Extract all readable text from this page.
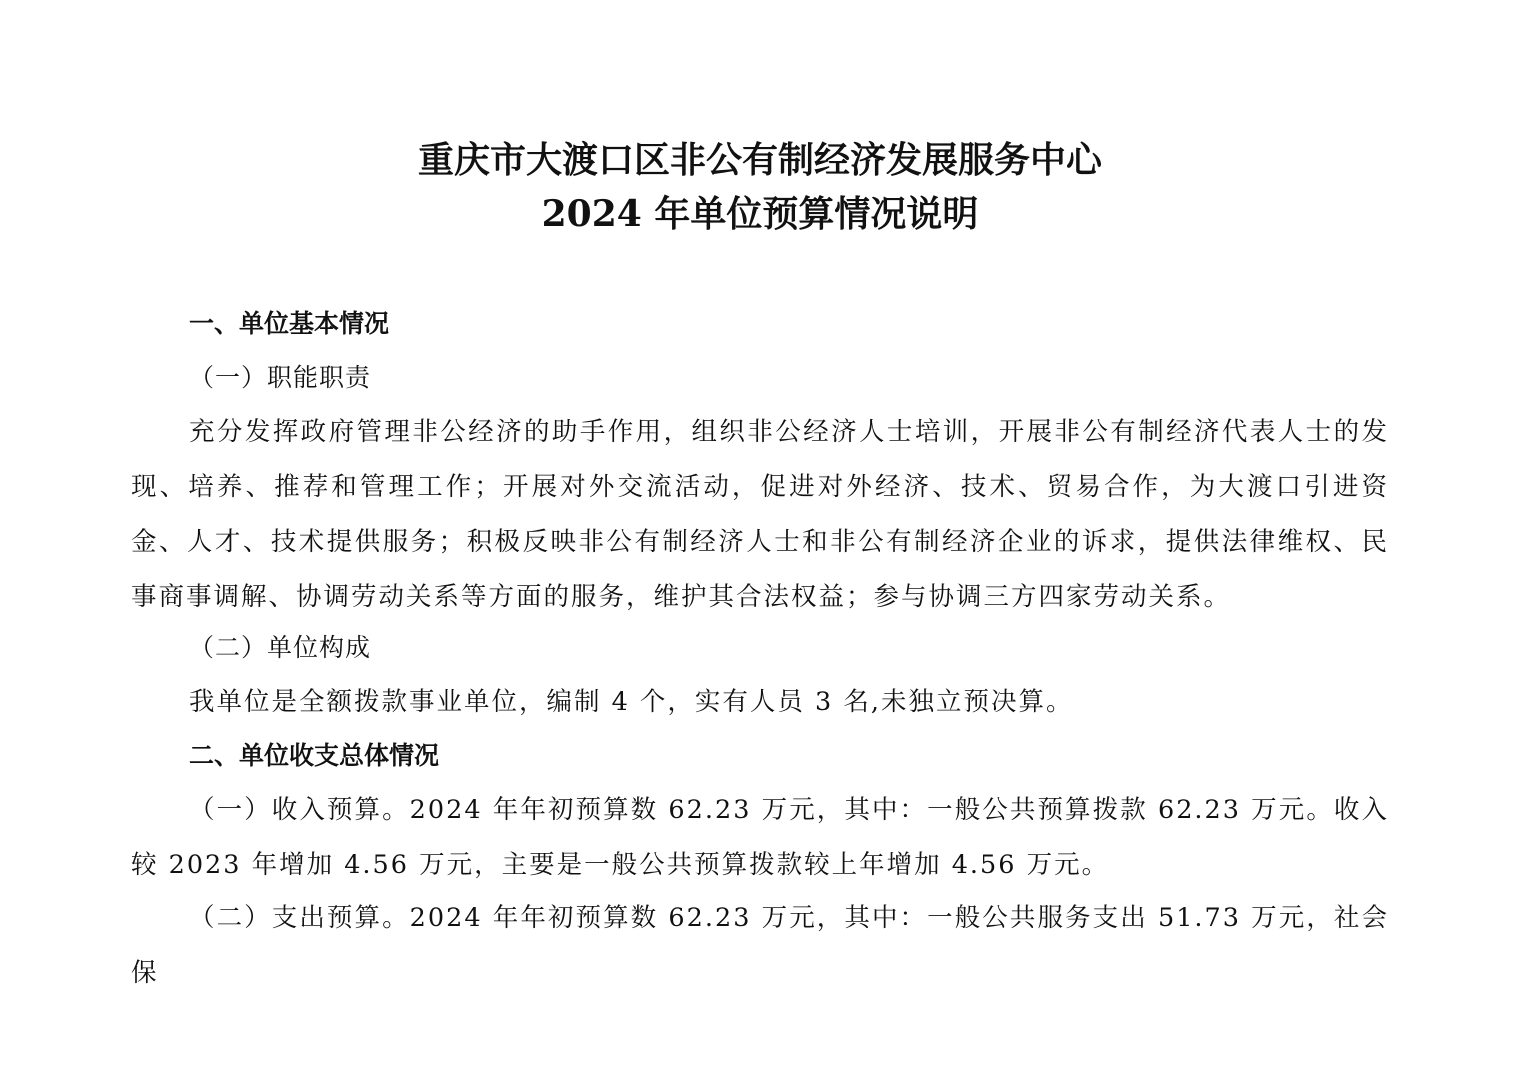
重庆市大渡口区非公有制经济发展服务中心
2024 年单位预算情况说明
一、单位基本情况
（一）职能职责
充分发挥政府管理非公经济的助手作用，组织非公经济人士培训，开展非公有制经济代表人士的发现、培养、推荐和管理工作；开展对外交流活动，促进对外经济、技术、贸易合作，为大渡口引进资金、人才、技术提供服务；积极反映非公有制经济人士和非公有制经济企业的诉求，提供法律维权、民事商事调解、协调劳动关系等方面的服务，维护其合法权益；参与协调三方四家劳动关系。
（二）单位构成
我单位是全额拨款事业单位，编制 4 个，实有人员 3 名,未独立预决算。
二、单位收支总体情况
（一）收入预算。2024 年年初预算数 62.23 万元，其中：一般公共预算拨款 62.23 万元。收入较 2023 年增加 4.56 万元，主要是一般公共预算拨款较上年增加 4.56 万元。
（二）支出预算。2024 年年初预算数 62.23 万元，其中：一般公共服务支出 51.73 万元，社会保
